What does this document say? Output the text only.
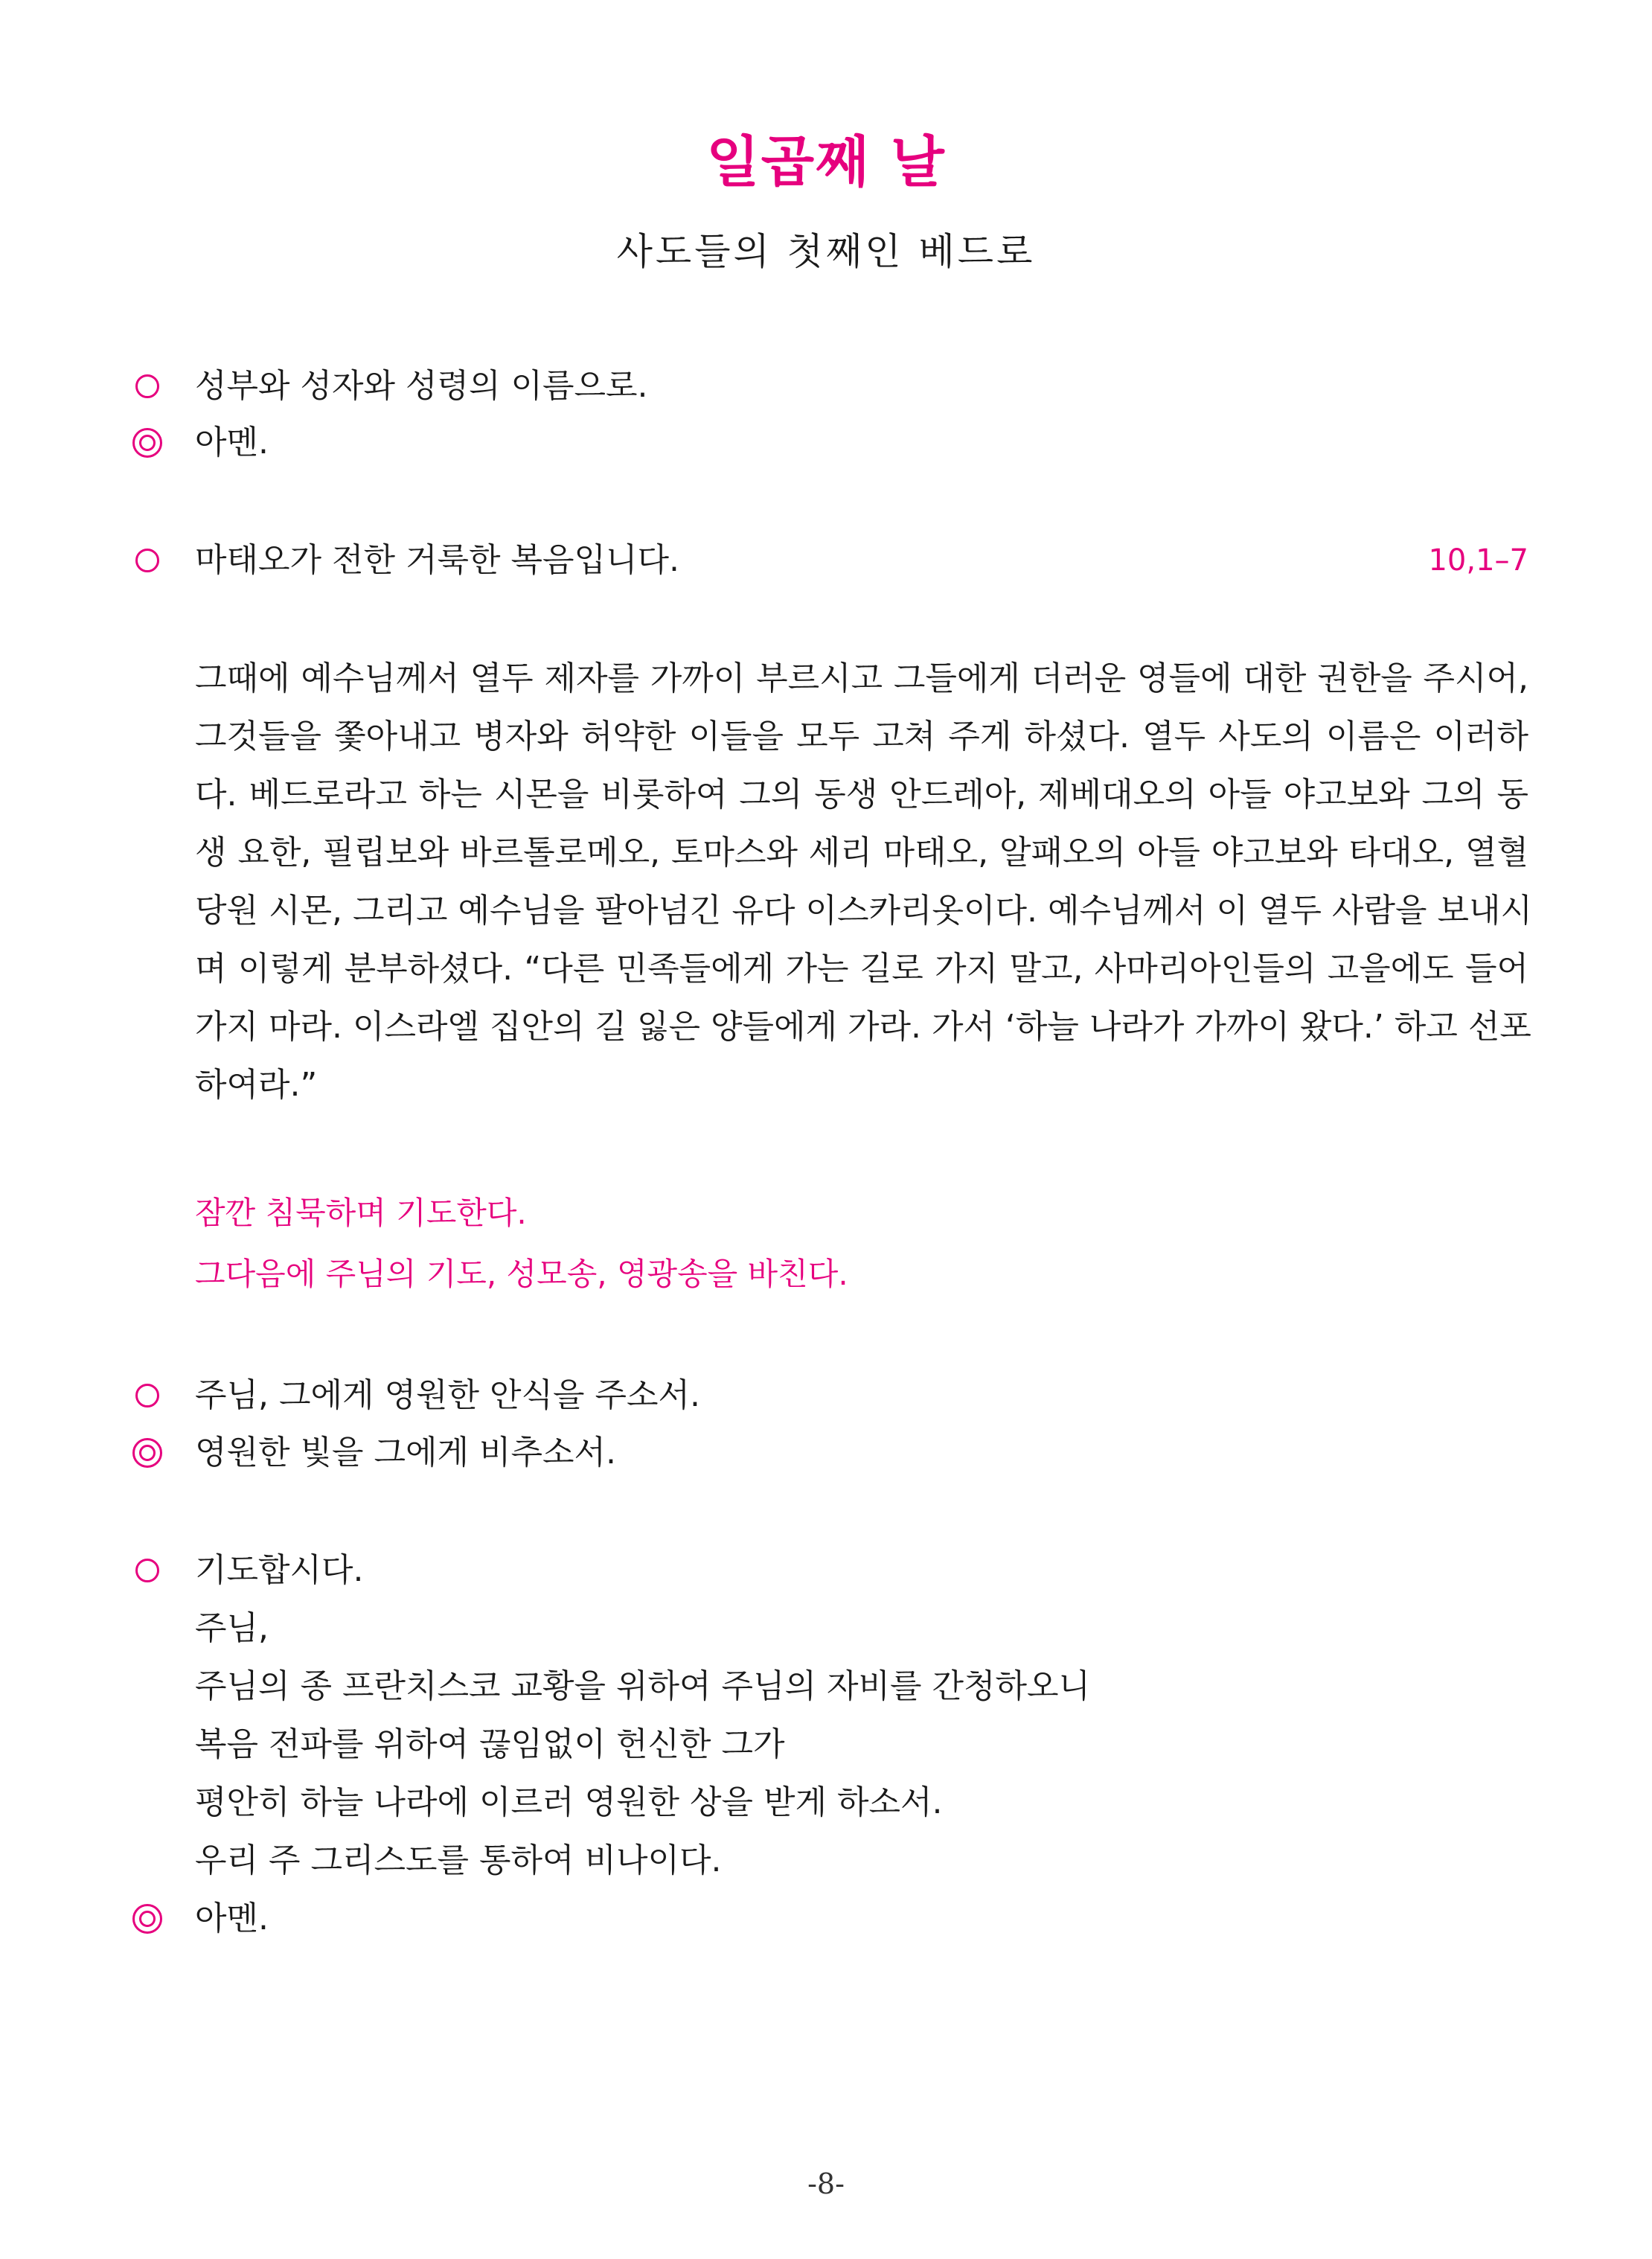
일곱째 날
사도들의 첫째인 베드로
성부와 성자와 성령의 이름으로.
아멘.
마태오가 전한 거룩한 복음입니다.	10,1–7
그때에 예수님께서 열두 제자를 가까이 부르시고 그들에게 더러운 영들에 대한 권한을 주시어,
그것들을 쫓아내고 병자와 허약한 이들을 모두 고쳐 주게 하셨다. 열두 사도의 이름은 이러하
다. 베드로라고 하는 시몬을 비롯하여 그의 동생 안드레아, 제베대오의 아들 야고보와 그의 동
생 요한, 필립보와 바르톨로메오, 토마스와 세리 마태오, 알패오의 아들 야고보와 타대오, 열혈
당원 시몬, 그리고 예수님을 팔아넘긴 유다 이스카리옷이다. 예수님께서 이 열두 사람을 보내시
며 이렇게 분부하셨다. “다른 민족들에게 가는 길로 가지 말고, 사마리아인들의 고을에도 들어
가지 마라. 이스라엘 집안의 길 잃은 양들에게 가라. 가서 ‘하늘 나라가 가까이 왔다.’ 하고 선포
하여라.”
잠깐 침묵하며 기도한다.
그다음에 주님의 기도, 성모송, 영광송을 바친다.
주님, 그에게 영원한 안식을 주소서.
영원한 빛을 그에게 비추소서.
기도합시다.
주님,
주님의 종 프란치스코 교황을 위하여 주님의 자비를 간청하오니
복음 전파를 위하여 끊임없이 헌신한 그가
평안히 하늘 나라에 이르러 영원한 상을 받게 하소서.
우리 주 그리스도를 통하여 비나이다.
아멘.
-8-
